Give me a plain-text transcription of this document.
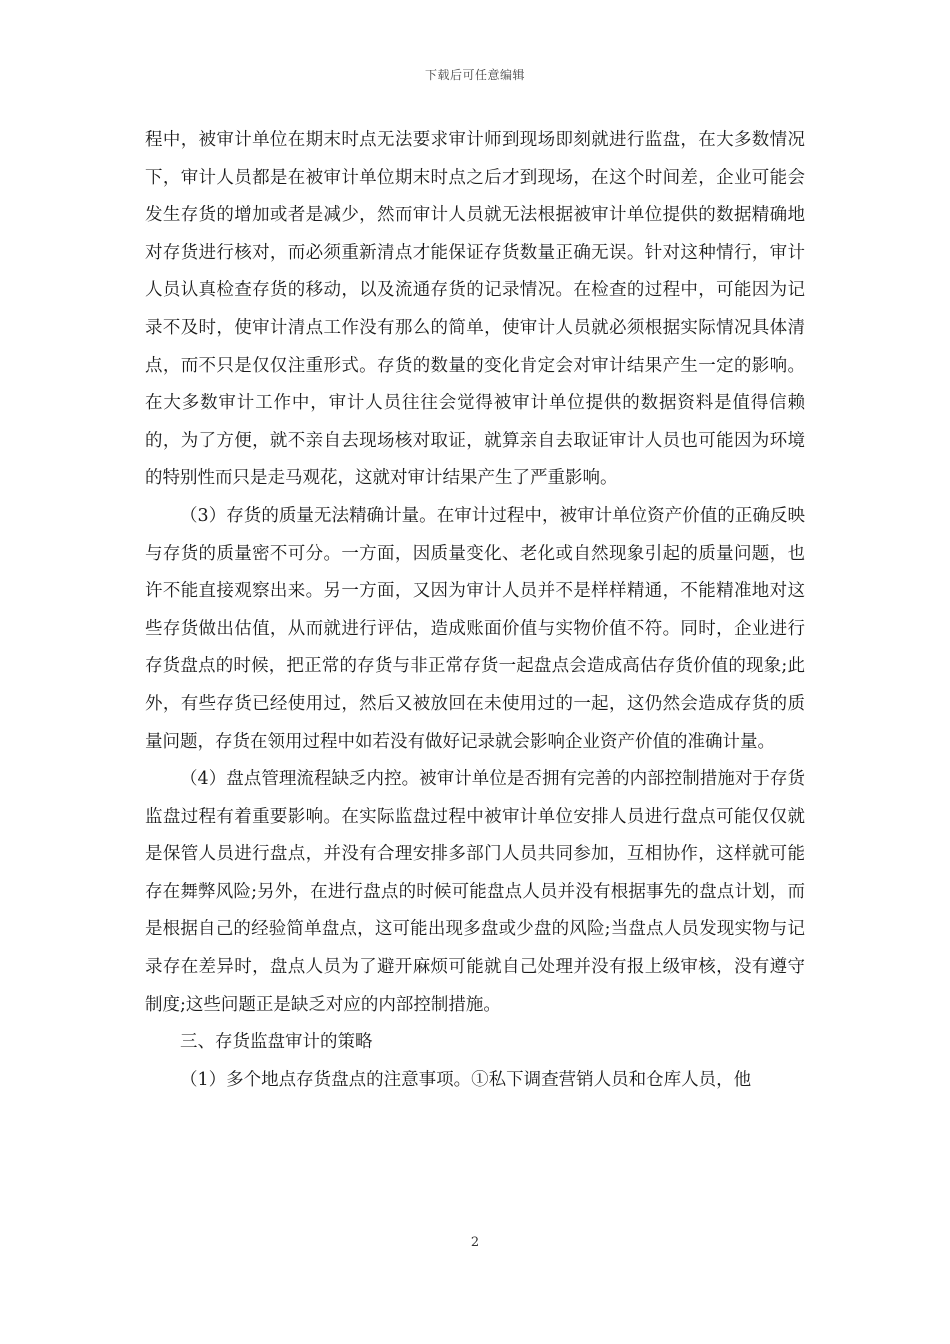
下载后可任意编辑

程中，被审计单位在期末时点无法要求审计师到现场即刻就进行监盘，在大多数情况下，审计人员都是在被审计单位期末时点之后才到现场，在这个时间差，企业可能会发生存货的增加或者是减少，然而审计人员就无法根据被审计单位提供的数据精确地对存货进行核对，而必须重新清点才能保证存货数量正确无误。针对这种情行，审计人员认真检查存货的移动，以及流通存货的记录情况。在检查的过程中，可能因为记录不及时，使审计清点工作没有那么的简单，使审计人员就必须根据实际情况具体清点，而不只是仅仅注重形式。存货的数量的变化肯定会对审计结果产生一定的影响。在大多数审计工作中，审计人员往往会觉得被审计单位提供的数据资料是值得信赖的，为了方便，就不亲自去现场核对取证，就算亲自去取证审计人员也可能因为环境的特别性而只是走马观花，这就对审计结果产生了严重影响。

（3）存货的质量无法精确计量。在审计过程中，被审计单位资产价值的正确反映与存货的质量密不可分。一方面，因质量变化、老化或自然现象引起的质量问题，也许不能直接观察出来。另一方面，又因为审计人员并不是样样精通，不能精准地对这些存货做出估值，从而就进行评估，造成账面价值与实物价值不符。同时，企业进行存货盘点的时候，把正常的存货与非正常存货一起盘点会造成高估存货价值的现象;此外，有些存货已经使用过，然后又被放回在未使用过的一起，这仍然会造成存货的质量问题，存货在领用过程中如若没有做好记录就会影响企业资产价值的准确计量。

（4）盘点管理流程缺乏内控。被审计单位是否拥有完善的内部控制措施对于存货监盘过程有着重要影响。在实际监盘过程中被审计单位安排人员进行盘点可能仅仅就是保管人员进行盘点，并没有合理安排多部门人员共同参加，互相协作，这样就可能存在舞弊风险;另外，在进行盘点的时候可能盘点人员并没有根据事先的盘点计划，而是根据自己的经验简单盘点，这可能出现多盘或少盘的风险;当盘点人员发现实物与记录存在差异时，盘点人员为了避开麻烦可能就自己处理并没有报上级审核，没有遵守制度;这些问题正是缺乏对应的内部控制措施。

三、存货监盘审计的策略

（1）多个地点存货盘点的注意事项。①私下调查营销人员和仓库人员，他

2
